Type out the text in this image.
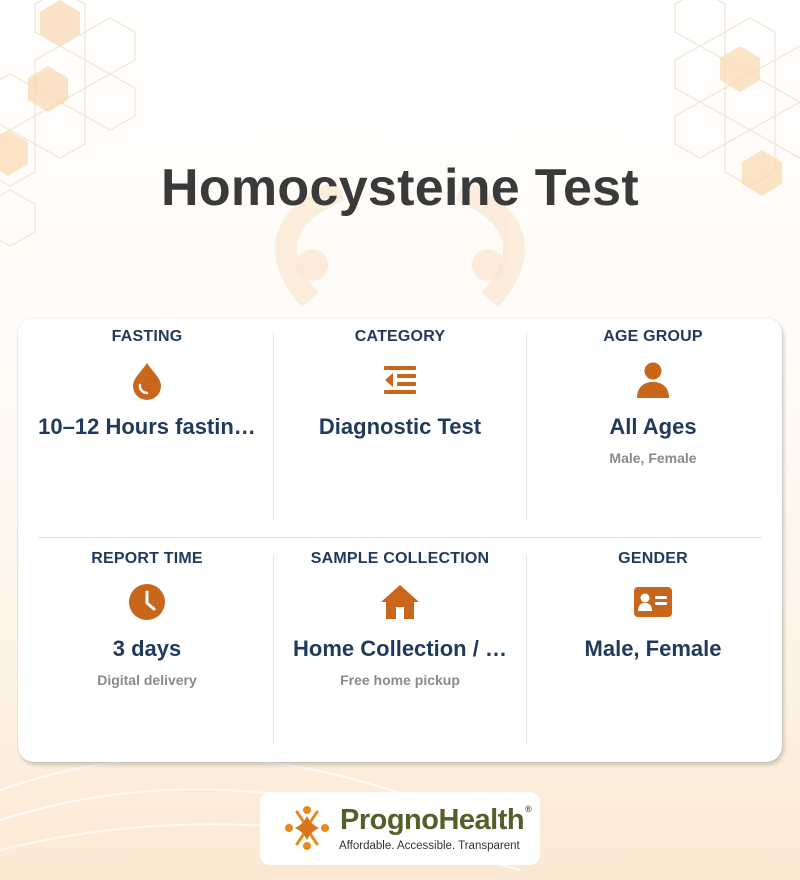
Homocysteine Test
FASTING
10–12 Hours fastin…
CATEGORY
Diagnostic Test
AGE GROUP
All Ages
Male, Female
REPORT TIME
3 days
Digital delivery
SAMPLE COLLECTION
Home Collection / …
Free home pickup
GENDER
Male, Female
PrognoHealth®
Affordable. Accessible. Transparent
